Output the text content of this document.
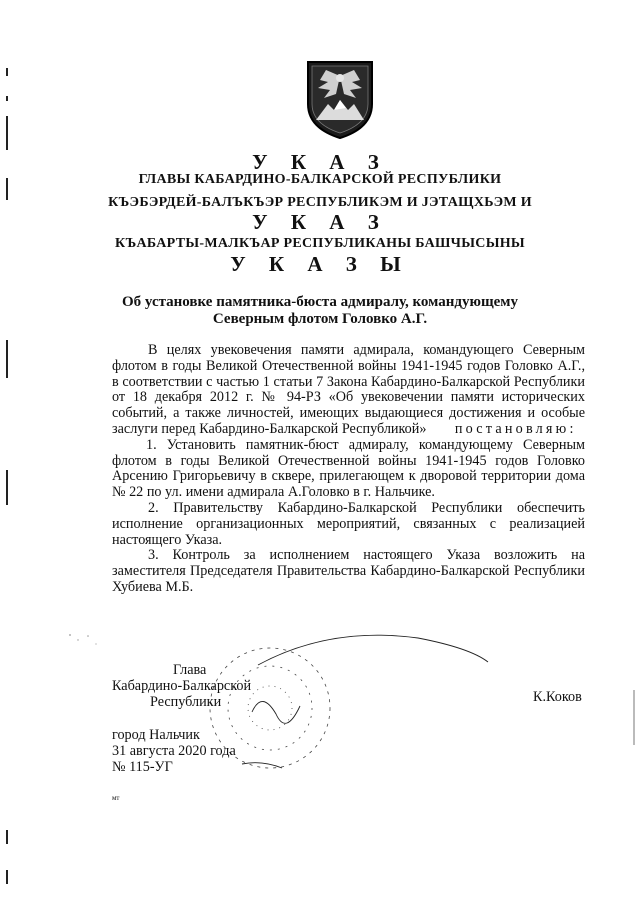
У К А З
ГЛАВЫ КАБАРДИНО-БАЛКАРСКОЙ РЕСПУБЛИКИ
КЪЭБЭРДЕЙ-БАЛЪКЪЭР РЕСПУБЛИКЭМ И ЈЭТАЩХЬЭМ И
У К А З
КЪАБАРТЫ-МАЛКЪАР РЕСПУБЛИКАНЫ БАШЧЫСЫНЫ
У К А З Ы
Об установке памятника-бюста адмиралу, командующему
Северным флотом Головко А.Г.

В целях увековечения памяти адмирала, командующего Северным флотом в годы Великой Отечественной войны 1941-1945 годов Головко А.Г., в соответствии с частью 1 статьи 7 Закона Кабардино-Балкарской Республики от 18 декабря 2012 г. № 94-РЗ «Об увековечении памяти исторических событий, а также личностей, имеющих выдающиеся достижения и особые заслуги перед Кабардино-Балкарской Республикой» постановляю:

1. Установить памятник-бюст адмиралу, командующему Северным флотом в годы Великой Отечественной войны 1941-1945 годов Головко Арсению Григорьевичу в сквере, прилегающем к дворовой территории дома № 22 по ул. имени адмирала А.Головко в г. Нальчике.

2. Правительству Кабардино-Балкарской Республики обеспечить исполнение организационных мероприятий, связанных с реализацией настоящего Указа.

3. Контроль за исполнением настоящего Указа возложить на заместителя Председателя Правительства Кабардино-Балкарской Республики Хубиева М.Б.

Глава
Кабардино-Балкарской
Республики	К.Коков
город Нальчик
31 августа 2020 года
№ 115-УГ
мт
